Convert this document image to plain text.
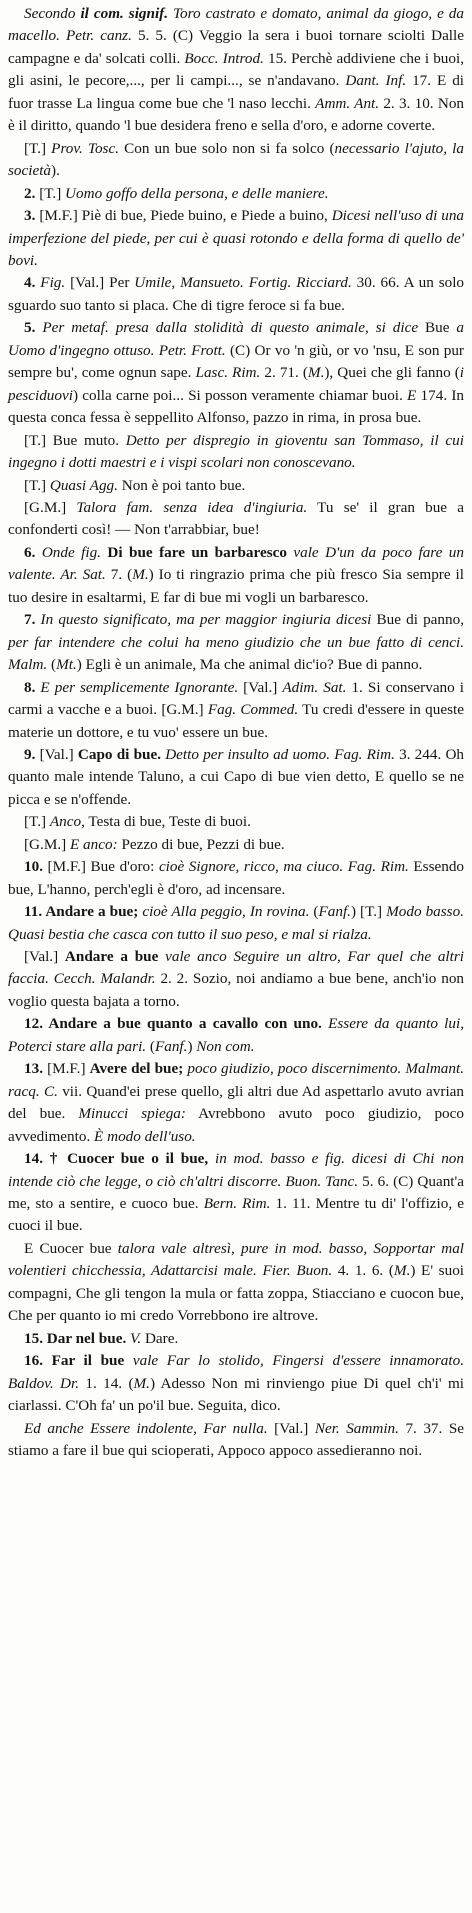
Secondo il com. signif. Toro castrato e domato, animal da giogo, e da macello. Petr. canz. 5. 5. (C) Veggio la sera i buoi tornare sciolti Dalle campagne e da' solcati colli. Bocc. Introd. 15. Perchè addiviene che i buoi, gli asini, le pecore,..., per li campi..., se n'andavano. Dant. Inf. 17. E di fuor trasse La lingua come bue che 'l naso lecchi. Amm. Ant. 2. 3. 10. Non è il diritto, quando 'l bue desidera freno e sella d'oro, e adorne coverte.
[T.] Prov. Tosc. Con un bue solo non si fa solco (necessario l'ajuto, la società).
2. [T.] Uomo goffo della persona, e delle maniere.
3. [M.F.] Piè di bue, Piede buino, e Piede a buino, Dicesi nell'uso di una imperfezione del piede, per cui è quasi rotondo e della forma di quello de' bovi.
4. Fig. [Val.] Per Umile, Mansueto. Fortig. Ricciard. 30. 66. A un solo sguardo suo tanto si placa. Che di tigre feroce si fa bue.
5. Per metaf. presa dalla stolidità di questo animale, si dice Bue a Uomo d'ingegno ottuso. Petr. Frott. (C) Or vo 'n giù, or vo 'nsu, E son pur sempre bu', come ognun sape. Lasc. Rim. 2. 71. (M.), Quei che gli fanno (i pesciduovi) colla carne poi... Si posson veramente chiamar buoi. E 174. In questa conca fessa è seppellito Alfonso, pazzo in rima, in prosa bue.
[T.] Bue muto. Detto per dispregio in gioventu san Tommaso, il cui ingegno i dotti maestri e i vispi scolari non conoscevano.
[T.] Quasi Agg. Non è poi tanto bue.
[G.M.] Talora fam. senza idea d'ingiuria. Tu se' il gran bue a confonderti così! — Non t'arrabbiar, bue!
6. Onde fig. Di bue fare un barbaresco vale D'un da poco fare un valente. Ar. Sat. 7. (M.) Io ti ringrazio prima che più fresco Sia sempre il tuo desire in esaltarmi, E far di bue mi vogli un barbaresco.
7. In questo significato, ma per maggior ingiuria dicesi Bue di panno, per far intendere che colui ha meno giudizio che un bue fatto di cenci. Malm. (Mt.) Egli è un animale, Ma che animal dic'io? Bue di panno.
8. E per semplicemente Ignorante. [Val.] Adim. Sat. 1. Si conservano i carmi a vacche e a buoi. [G.M.] Fag. Commed. Tu credi d'essere in queste materie un dottore, e tu vuo' essere un bue.
9. [Val.] Capo di bue. Detto per insulto ad uomo. Fag. Rim. 3. 244. Oh quanto male intende Taluno, a cui Capo di bue vien detto, E quello se ne picca e se n'offende.
[T.] Anco, Testa di bue, Teste di buoi.
[G.M.] E anco: Pezzo di bue, Pezzi di bue.
10. [M.F.] Bue d'oro: cioè Signore, ricco, ma ciuco. Fag. Rim. Essendo bue, L'hanno, perch'egli è d'oro, ad incensare.
11. Andare a bue; cioè Alla peggio, In rovina. (Fanf.) [T.] Modo basso. Quasi bestia che casca con tutto il suo peso, e mal si rialza.
[Val.] Andare a bue vale anco Seguire un altro, Far quel che altri faccia. Cecch. Malandr. 2. 2. Sozio, noi andiamo a bue bene, anch'io non voglio questa bajata a torno.
12. Andare a bue quanto a cavallo con uno. Essere da quanto lui, Poterci stare alla pari. (Fanf.) Non com.
13. [M.F.] Avere del bue; poco giudizio, poco discernimento. Malmant. racq. C. vii. Quand'ei prese quello, gli altri due Ad aspettarlo avuto avrian del bue. Minucci spiega: Avrebbono avuto poco giudizio, poco avvedimento. È modo dell'uso.
14. † Cuocer bue o il bue, in mod. basso e fig. dicesi di Chi non intende ciò che legge, o ciò ch'altri discorre. Buon. Tanc. 5. 6. (C) Quant'a me, sto a sentire, e cuoco bue. Bern. Rim. 1. 11. Mentre tu di' l'offizio, e cuoci il bue.
E Cuocer bue talora vale altresì, pure in mod. basso, Sopportar mal volentieri chicchessia, Adattarcisi male. Fier. Buon. 4. 1. 6. (M.) E' suoi compagni, Che gli tengon la mula or fatta zoppa, Stiacciano e cuocon bue, Che per quanto io mi credo Vorrebbono ire altrove.
15. Dar nel bue. V. Dare.
16. Far il bue vale Far lo stolido, Fingersi d'essere innamorato. Baldov. Dr. 1. 14. (M.) Adesso Non mi rinviengo piue Di quel ch'i' mi ciarlassi. C'Oh fa' un po'il bue. Seguita, dico.
Ed anche Essere indolente, Far nulla. [Val.] Ner. Sammin. 7. 37. Se stiamo a fare il bue qui scioperati, Appoco appoco assedieranno noi.
